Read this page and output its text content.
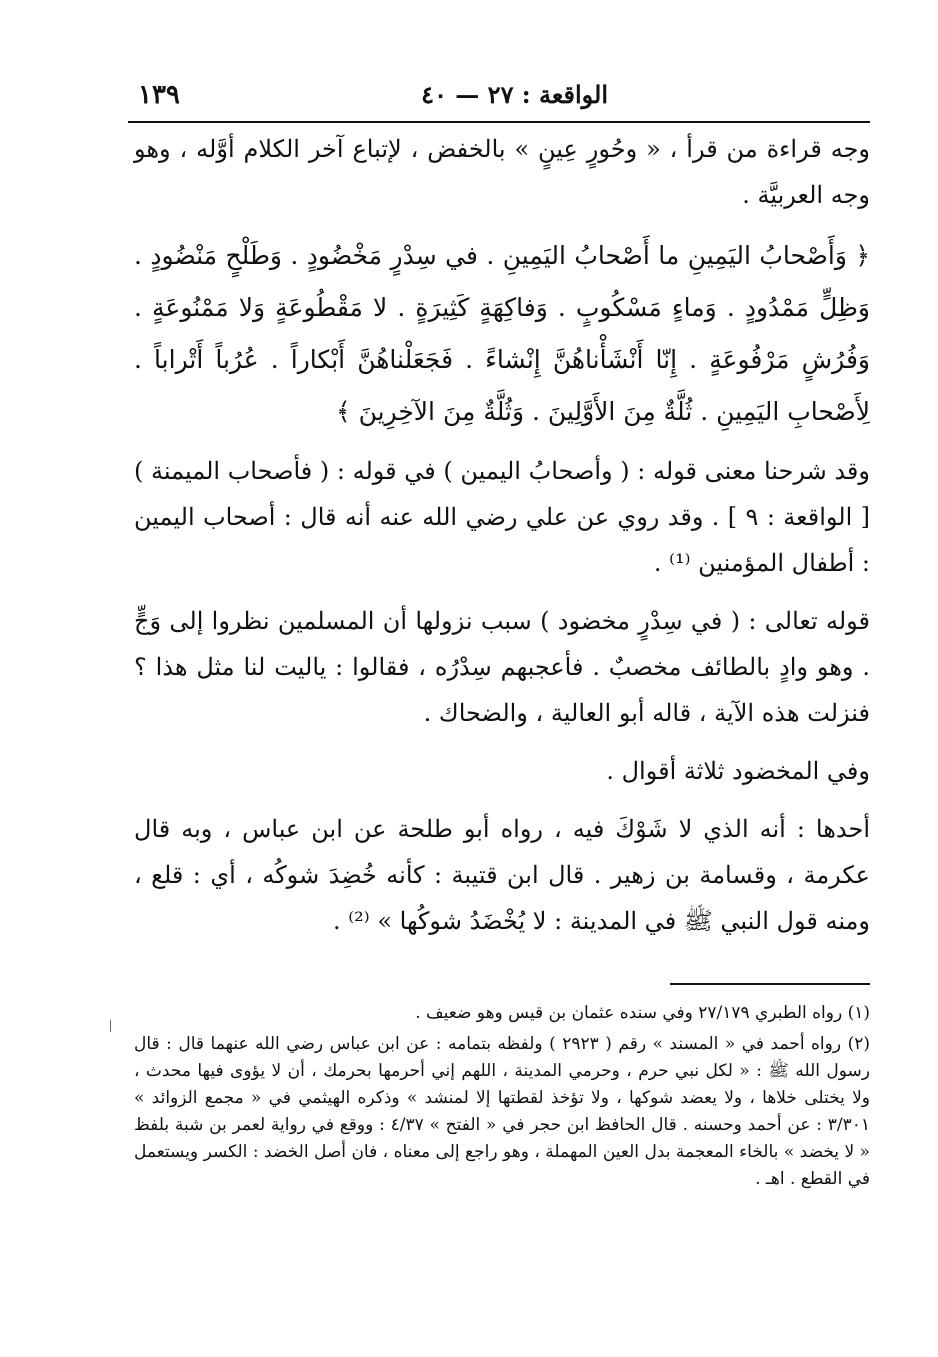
الواقعة : ٢٧ — ٤٠
١٣٩

وجه قراءة من قرأ ، « وحُورٍ عِينٍ » بالخفض ، لإتباع آخر الكلام أوَّله ، وهو وجه العربيَّة .

﴿ وَأَصْحابُ اليَمِينِ ما أَصْحابُ اليَمِينِ . في سِدْرٍ مَخْضُودٍ . وَطَلْحٍ مَنْضُودٍ . وَظِلٍّ مَمْدُودٍ . وَماءٍ مَسْكُوبٍ . وَفاكِهَةٍ كَثِيرَةٍ . لا مَقْطُوعَةٍ وَلا مَمْنُوعَةٍ . وَفُرُشٍ مَرْفُوعَةٍ . إِنّا أَنْشَأْناهُنَّ إِنْشاءً . فَجَعَلْناهُنَّ أَبْكاراً . عُرُباً أَتْراباً . لِأَصْحابِ اليَمِينِ . ثُلَّةٌ مِنَ الأَوَّلِينَ . وَثُلَّةٌ مِنَ الآخِرِينَ ﴾

وقد شرحنا معنى قوله : ( وأصحابُ اليمين ) في قوله : ( فأصحاب الميمنة ) [ الواقعة : ٩ ] . وقد روي عن علي رضي الله عنه أنه قال : أصحاب اليمين : أطفال المؤمنين ⁽¹⁾ .

قوله تعالى : ( في سِدْرٍ مخضود ) سبب نزولها أن المسلمين نظروا إلى وَجٍّ . وهو وادٍ بالطائف مخصبٌ . فأعجبهم سِدْرُه ، فقالوا : ياليت لنا مثل هذا ؟ فنزلت هذه الآية ، قاله أبو العالية ، والضحاك .

وفي المخضود ثلاثة أقوال .

أحدها : أنه الذي لا شَوْكَ فيه ، رواه أبو طلحة عن ابن عباس ، وبه قال عكرمة ، وقسامة بن زهير . قال ابن قتيبة : كأنه خُضِدَ شوكُه ، أي : قلع ، ومنه قول النبي ﷺ في المدينة : لا يُخْضَدُ شوكُها » ⁽²⁾ .

(١) رواه الطبري ٢٧/١٧٩ وفي سنده عثمان بن قيس وهو ضعيف .

(٢) رواه أحمد في « المسند » رقم ( ٢٩٢٣ ) ولفظه بتمامه : عن ابن عباس رضي الله عنهما قال : قال رسول الله ﷺ : « لكل نبي حرم ، وحرمي المدينة ، اللهم إني أحرمها بحرمك ، أن لا يؤوى فيها محدث ، ولا يختلى خلاها ، ولا يعضد شوكها ، ولا تؤخذ لقطتها إلا لمنشد » وذكره الهيثمي في « مجمع الزوائد » ٣/٣٠١ : عن أحمد وحسنه . قال الحافظ ابن حجر في « الفتح » ٤/٣٧ : ووقع في رواية لعمر بن شبة بلفظ « لا يخضد » بالخاء المعجمة بدل العين المهملة ، وهو راجع إلى معناه ، فان أصل الخضد : الكسر ويستعمل في القطع . اهـ .
